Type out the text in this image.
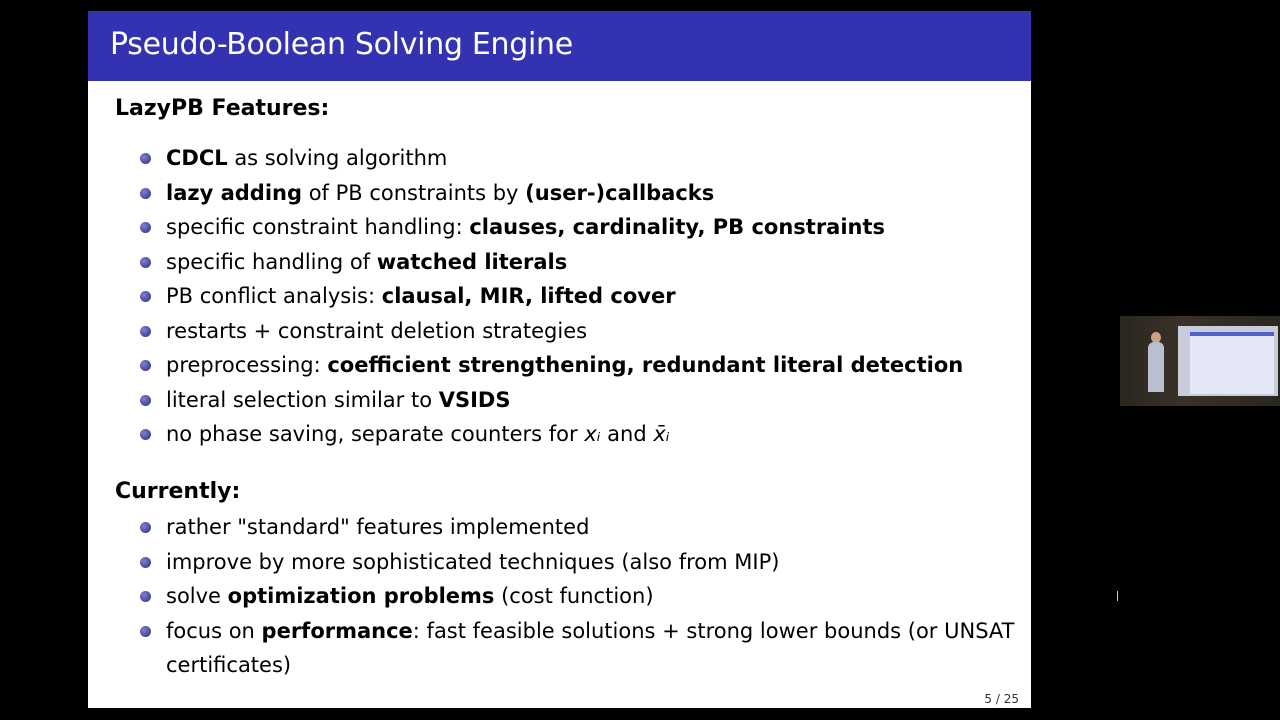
Pseudo-Boolean Solving Engine
LazyPB Features:
CDCL as solving algorithm
lazy adding of PB constraints by (user-)callbacks
specific constraint handling: clauses, cardinality, PB constraints
specific handling of watched literals
PB conflict analysis: clausal, MIR, lifted cover
restarts + constraint deletion strategies
preprocessing: coefficient strengthening, redundant literal detection
literal selection similar to VSIDS
no phase saving, separate counters for xᵢ and x̄ᵢ
Currently:
rather "standard" features implemented
improve by more sophisticated techniques (also from MIP)
solve optimization problems (cost function)
focus on performance: fast feasible solutions + strong lower bounds (or UNSAT certificates)
5 / 25
